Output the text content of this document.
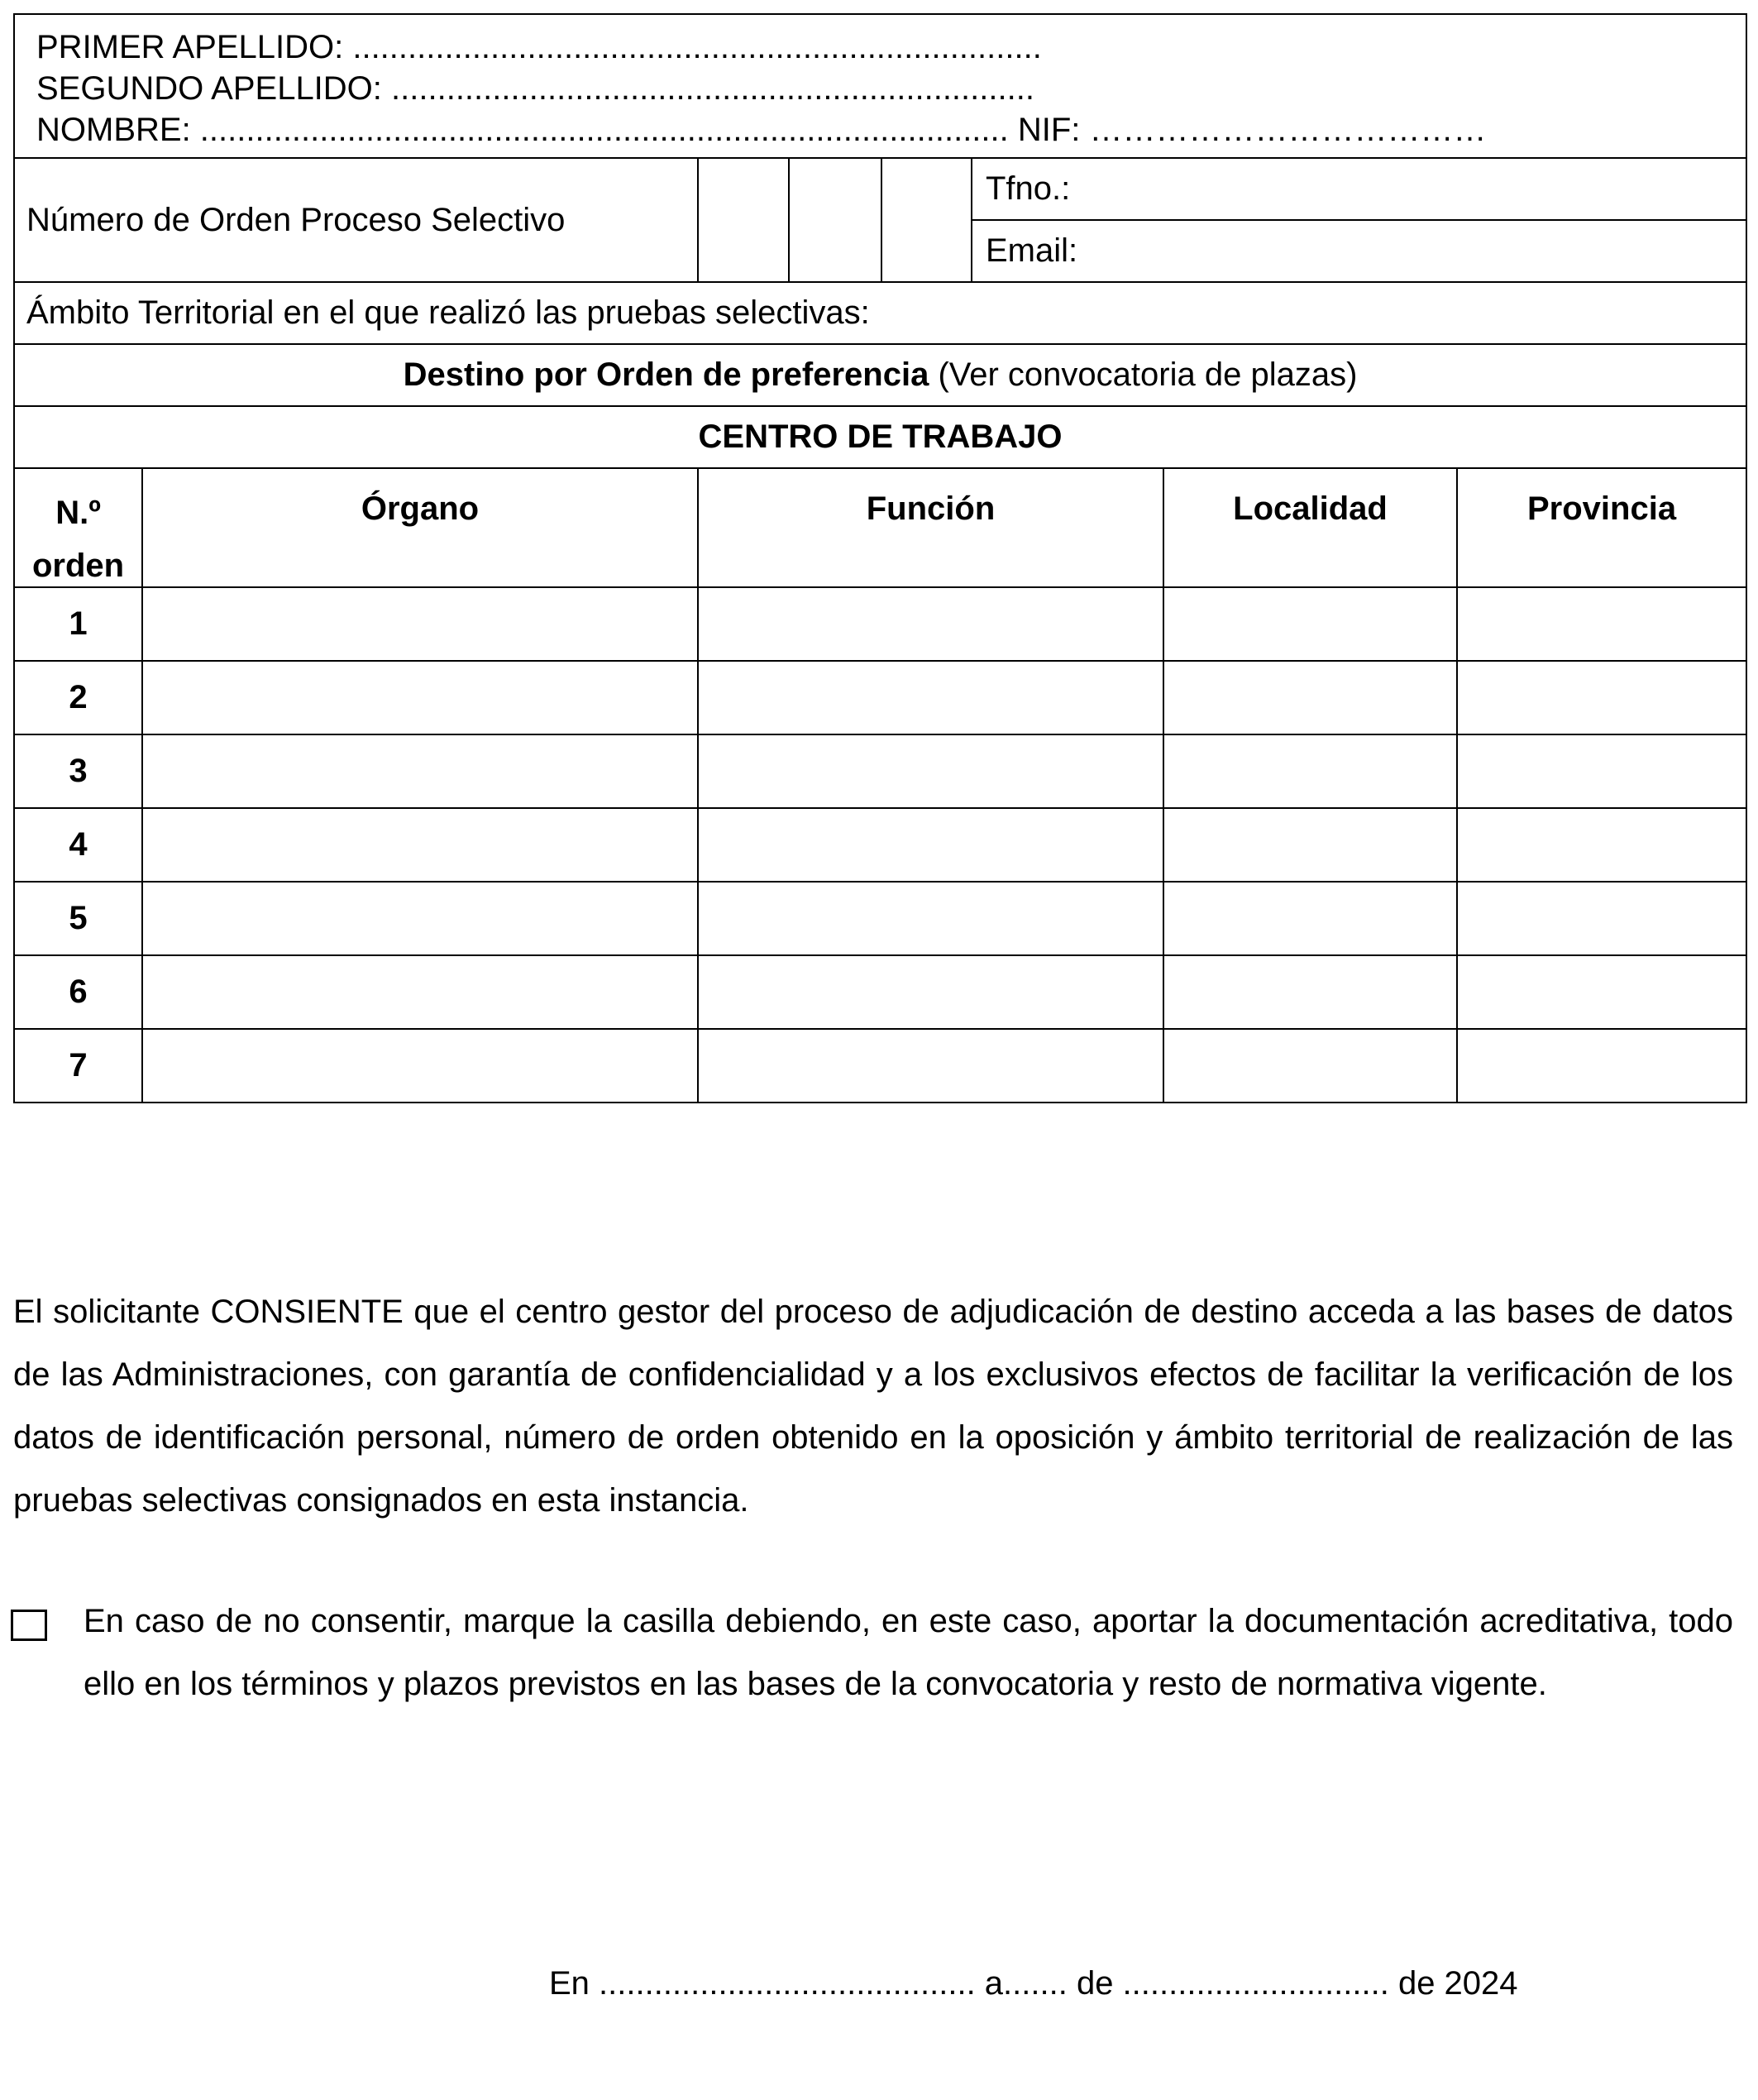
PRIMER APELLIDO: ...........................................................................
SEGUNDO APELLIDO: ......................................................................
NOMBRE: ........................................................................................ NIF: ………………………………							

Número de Orden Proceso Selectivo					Tfno.:		
					Email:		
Ámbito Territorial en el que realizó las pruebas selectivas:							
Destino por Orden de preferencia (Ver convocatoria de plazas)							
CENTRO DE TRABAJO							
N.º
orden	Órgano	Función				Localidad	Provincia
1							
2							
3							
4							
5							
6							
7							

El solicitante CONSIENTE que el centro gestor del proceso de adjudicación de destino acceda a las bases de datos de las Administraciones, con garantía de confidencialidad y a los exclusivos efectos de facilitar la verificación de los datos de identificación personal, número de orden obtenido en la oposición y ámbito territorial de realización de las pruebas selectivas consignados en esta instancia.

En caso de no consentir, marque la casilla debiendo, en este caso, aportar la documentación acreditativa, todo ello en los términos y plazos previstos en las bases de la convocatoria y resto de normativa vigente.

En ......................................... a....... de ............................. de 2024
